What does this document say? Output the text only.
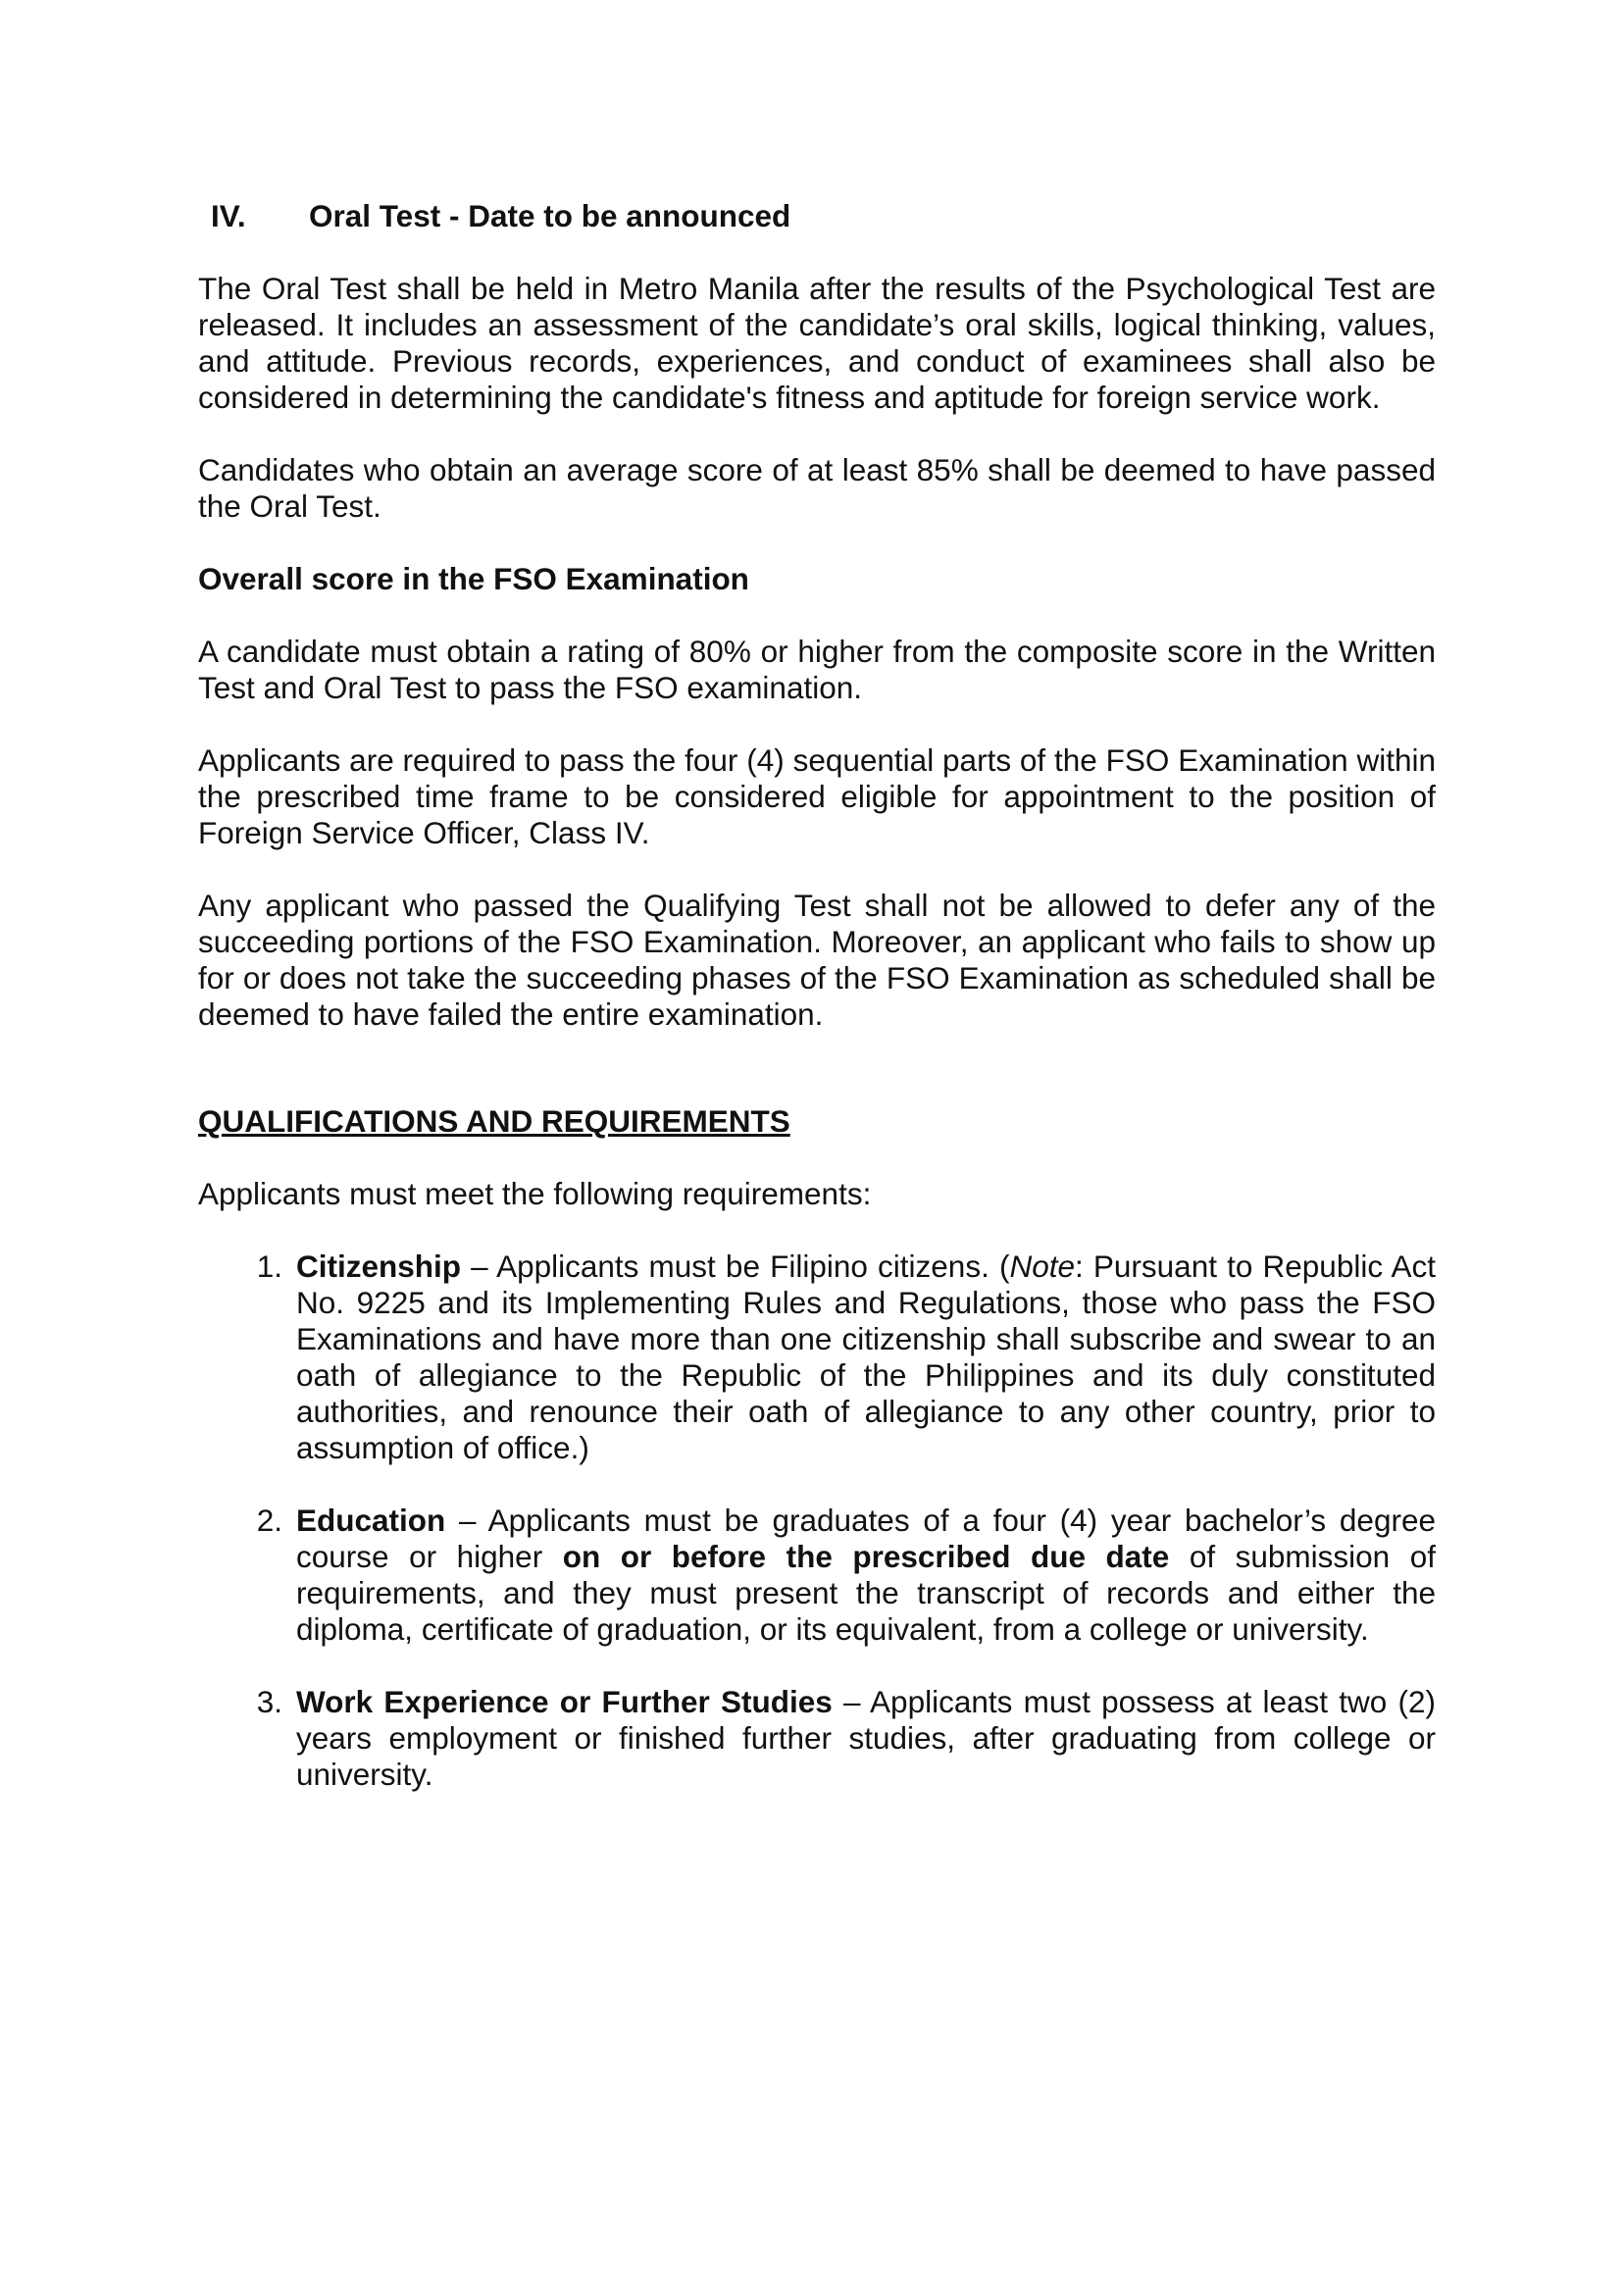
IV.	Oral Test - Date to be announced

The Oral Test shall be held in Metro Manila after the results of the Psychological Test are released. It includes an assessment of the candidate’s oral skills, logical thinking, values, and attitude. Previous records, experiences, and conduct of examinees shall also be considered in determining the candidate's fitness and aptitude for foreign service work.

Candidates who obtain an average score of at least 85% shall be deemed to have passed the Oral Test.

Overall score in the FSO Examination

A candidate must obtain a rating of 80% or higher from the composite score in the Written Test and Oral Test to pass the FSO examination.

Applicants are required to pass the four (4) sequential parts of the FSO Examination within the prescribed time frame to be considered eligible for appointment to the position of Foreign Service Officer, Class IV.

Any applicant who passed the Qualifying Test shall not be allowed to defer any of the succeeding portions of the FSO Examination. Moreover, an applicant who fails to show up for or does not take the succeeding phases of the FSO Examination as scheduled shall be deemed to have failed the entire examination.

QUALIFICATIONS AND REQUIREMENTS

Applicants must meet the following requirements:

1. Citizenship – Applicants must be Filipino citizens. (Note: Pursuant to Republic Act No. 9225 and its Implementing Rules and Regulations, those who pass the FSO Examinations and have more than one citizenship shall subscribe and swear to an oath of allegiance to the Republic of the Philippines and its duly constituted authorities, and renounce their oath of allegiance to any other country, prior to assumption of office.)
2. Education – Applicants must be graduates of a four (4) year bachelor’s degree course or higher on or before the prescribed due date of submission of requirements, and they must present the transcript of records and either the diploma, certificate of graduation, or its equivalent, from a college or university.
3. Work Experience or Further Studies – Applicants must possess at least two (2) years employment or finished further studies, after graduating from college or university.
